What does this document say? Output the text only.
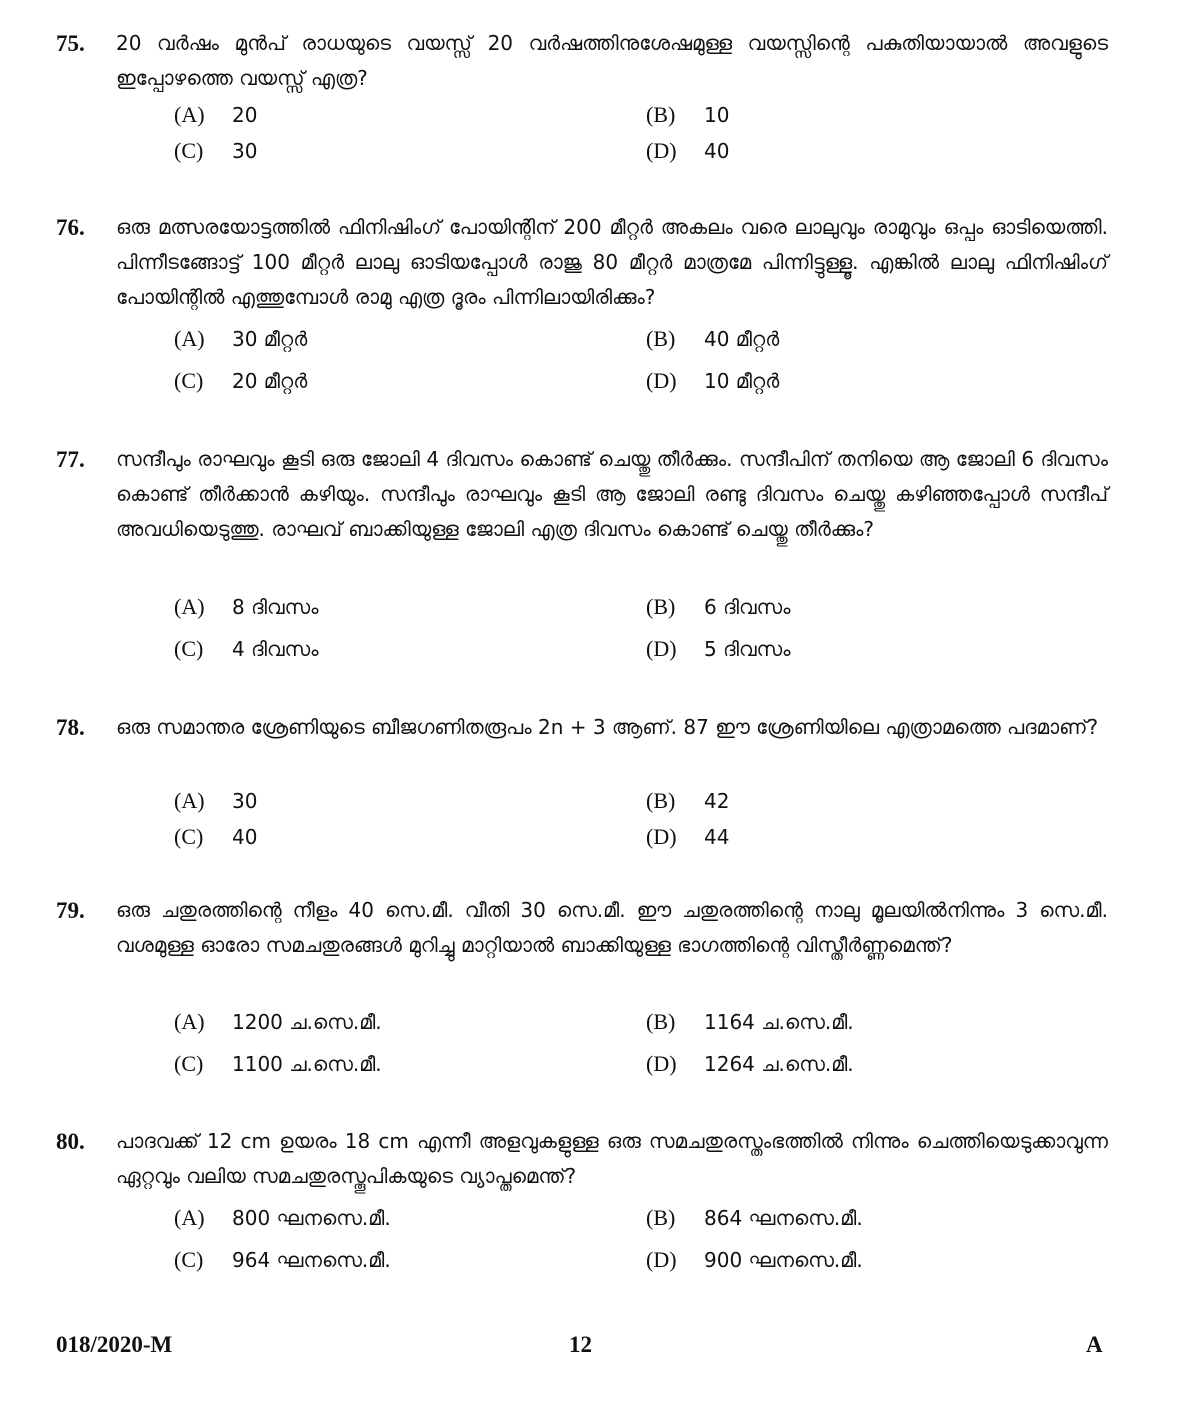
75. 20 വർഷം മുൻപ് രാധയുടെ വയസ്സ് 20 വർഷത്തിനുശേഷമുള്ള വയസ്സിന്റെ പകുതിയായാൽ അവളുടെ ഇപ്പോഴത്തെ വയസ്സ് എത്ര?
(A) 20	(B) 10
(C) 30	(D) 40
76. ഒരു മത്സരയോട്ടത്തിൽ ഫിനിഷിംഗ് പോയിന്റിന് 200 മീറ്റർ അകലം വരെ ലാലുവും രാമുവും ഒപ്പം ഓടിയെത്തി. പിന്നീടങ്ങോട്ട് 100 മീറ്റർ ലാലു ഓടിയപ്പോൾ രാജു 80 മീറ്റർ മാത്രമേ പിന്നിട്ടുള്ളൂ. എങ്കിൽ ലാലു ഫിനിഷിംഗ് പോയിന്റിൽ എത്തുമ്പോൾ രാമു എത്ര ദൂരം പിന്നിലായിരിക്കും?
(A) 30 മീറ്റർ	(B) 40 മീറ്റർ
(C) 20 മീറ്റർ	(D) 10 മീറ്റർ
77. സന്ദീപും രാഘവും കൂടി ഒരു ജോലി 4 ദിവസം കൊണ്ട് ചെയ്തു തീർക്കും. സന്ദീപിന് തനിയെ ആ ജോലി 6 ദിവസം കൊണ്ട് തീർക്കാൻ കഴിയും. സന്ദീപും രാഘവും കൂടി ആ ജോലി രണ്ടു ദിവസം ചെയ്തു കഴിഞ്ഞപ്പോൾ സന്ദീപ് അവധിയെടുത്തു. രാഘവ് ബാക്കിയുള്ള ജോലി എത്ര ദിവസം കൊണ്ട് ചെയ്തു തീർക്കും?
(A) 8 ദിവസം	(B) 6 ദിവസം
(C) 4 ദിവസം	(D) 5 ദിവസം
78. ഒരു സമാന്തര ശ്രേണിയുടെ ബീജഗണിതരൂപം 2n + 3 ആണ്. 87 ഈ ശ്രേണിയിലെ എത്രാമത്തെ പദമാണ്?
(A) 30	(B) 42
(C) 40	(D) 44
79. ഒരു ചതുരത്തിന്റെ നീളം 40 സെ.മീ. വീതി 30 സെ.മീ. ഈ ചതുരത്തിന്റെ നാലു മൂലയിൽനിന്നും 3 സെ.മീ. വശമുള്ള ഓരോ സമചതുരങ്ങൾ മുറിച്ചു മാറ്റിയാൽ ബാക്കിയുള്ള ഭാഗത്തിന്റെ വിസ്തീർണ്ണമെന്ത്?
(A) 1200 ച.സെ.മീ.	(B) 1164 ച.സെ.മീ.
(C) 1100 ച.സെ.മീ.	(D) 1264 ച.സെ.മീ.
80. പാദവക്ക് 12 cm ഉയരം 18 cm എന്നീ അളവുകളുള്ള ഒരു സമചതുരസ്തംഭത്തിൽ നിന്നും ചെത്തിയെടുക്കാവുന്ന ഏറ്റവും വലിയ സമചതുരസ്തൂപികയുടെ വ്യാപ്തമെന്ത്?
(A) 800 ഘനസെ.മീ.	(B) 864 ഘനസെ.മീ.
(C) 964 ഘനസെ.മീ.	(D) 900 ഘനസെ.മീ.
018/2020-M	12	A
